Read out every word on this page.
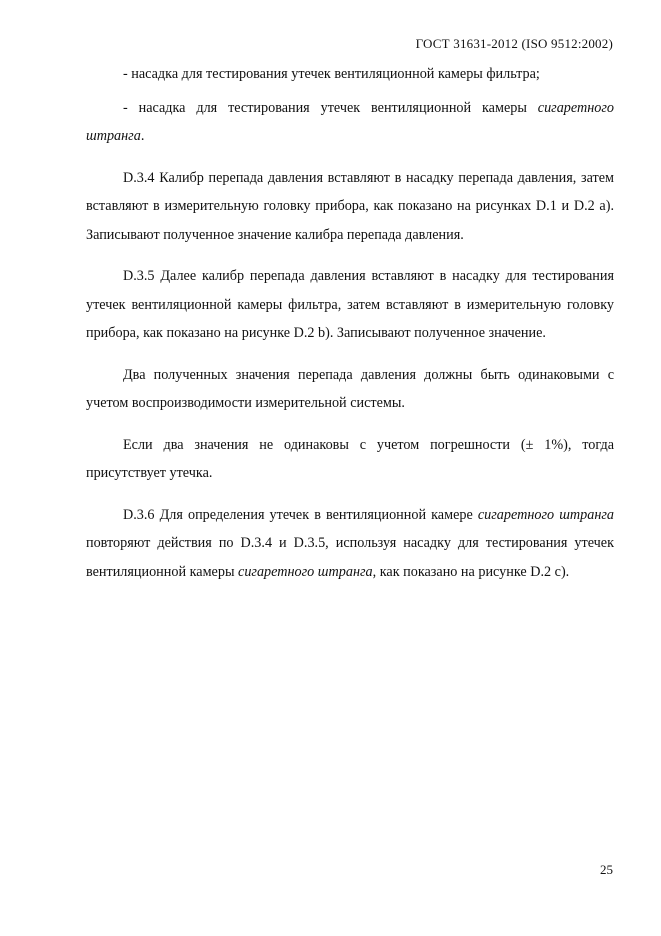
ГОСТ 31631-2012 (ISO 9512:2002)

- насадка для тестирования утечек вентиляционной камеры фильтра;

- насадка для тестирования утечек вентиляционной камеры сигаретного штранга.

D.3.4 Калибр перепада давления вставляют в насадку перепада давления, затем вставляют в измерительную головку прибора, как показано на рисунках D.1 и D.2 a). Записывают полученное значение калибра перепада давления.

D.3.5 Далее калибр перепада давления вставляют в насадку для тестирования утечек вентиляционной камеры фильтра, затем вставляют в измерительную головку прибора, как показано на рисунке D.2 b). Записывают полученное значение.

Два полученных значения перепада давления должны быть одинаковыми с учетом воспроизводимости измерительной системы.

Если два значения не одинаковы с учетом погрешности (± 1%), тогда присутствует утечка.

D.3.6 Для определения утечек в вентиляционной камере сигаретного штранга повторяют действия по D.3.4 и D.3.5, используя насадку для тестирования утечек вентиляционной камеры сигаретного штранга, как показано на рисунке D.2 c).

25
